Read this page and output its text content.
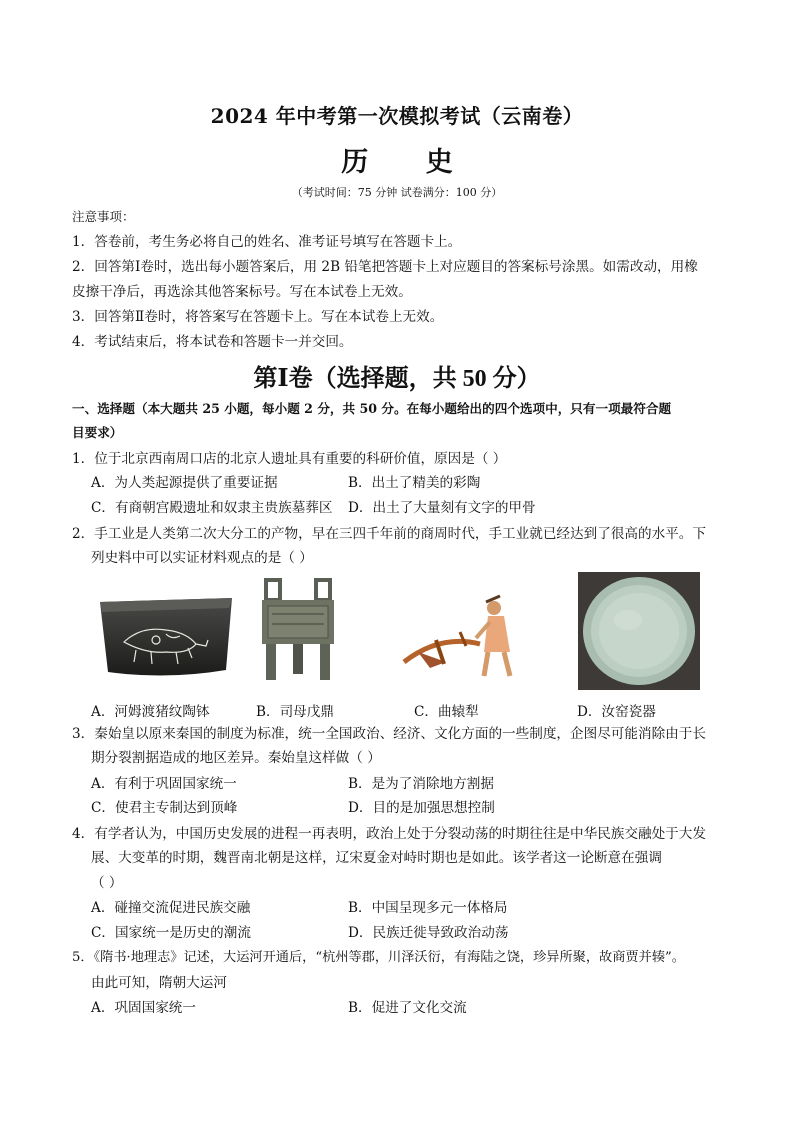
2024 年中考第一次模拟考试（云南卷）
历 史
（考试时间：75 分钟 试卷满分：100 分）
注意事项：
1．答卷前，考生务必将自己的姓名、准考证号填写在答题卡上。
2．回答第Ⅰ卷时，选出每小题答案后，用 2B 铅笔把答题卡上对应题目的答案标号涂黑。如需改动，用橡
皮擦干净后，再选涂其他答案标号。写在本试卷上无效。
3．回答第Ⅱ卷时，将答案写在答题卡上。写在本试卷上无效。
4．考试结束后，将本试卷和答题卡一并交回。
第Ⅰ卷（选择题，共 50 分）
一、选择题（本大题共 25 小题，每小题 2 分，共 50 分。在每小题给出的四个选项中，只有一项最符合题
目要求）
1．位于北京西南周口店的北京人遗址具有重要的科研价值，原因是（ ）
A．为人类起源提供了重要证据	B．出土了精美的彩陶
C．有商朝宫殿遗址和奴隶主贵族墓葬区 D．出土了大量刻有文字的甲骨
2．手工业是人类第二次大分工的产物，早在三四千年前的商周时代，手工业就已经达到了很高的水平。下
列史料中可以实证材料观点的是（ ）
A．河姆渡猪纹陶钵	B．司母戊鼎	C．曲辕犁	D．汝窑瓷器
3．秦始皇以原来秦国的制度为标准，统一全国政治、经济、文化方面的一些制度，企图尽可能消除由于长
期分裂割据造成的地区差异。秦始皇这样做（ ）
A．有利于巩固国家统一	B．是为了消除地方割据
C．使君主专制达到顶峰	D．目的是加强思想控制
4．有学者认为，中国历史发展的进程一再表明，政治上处于分裂动荡的时期往往是中华民族交融处于大发
展、大变革的时期，魏晋南北朝是这样，辽宋夏金对峙时期也是如此。该学者这一论断意在强调
（ ）
A．碰撞交流促进民族交融	B．中国呈现多元一体格局
C．国家统一是历史的潮流	D．民族迁徙导致政治动荡
5．《隋书·地理志》记述，大运河开通后，“杭州等郡，川泽沃衍，有海陆之饶，珍异所聚，故商贾并辏”。
由此可知，隋朝大运河
A．巩固国家统一	B．促进了文化交流
